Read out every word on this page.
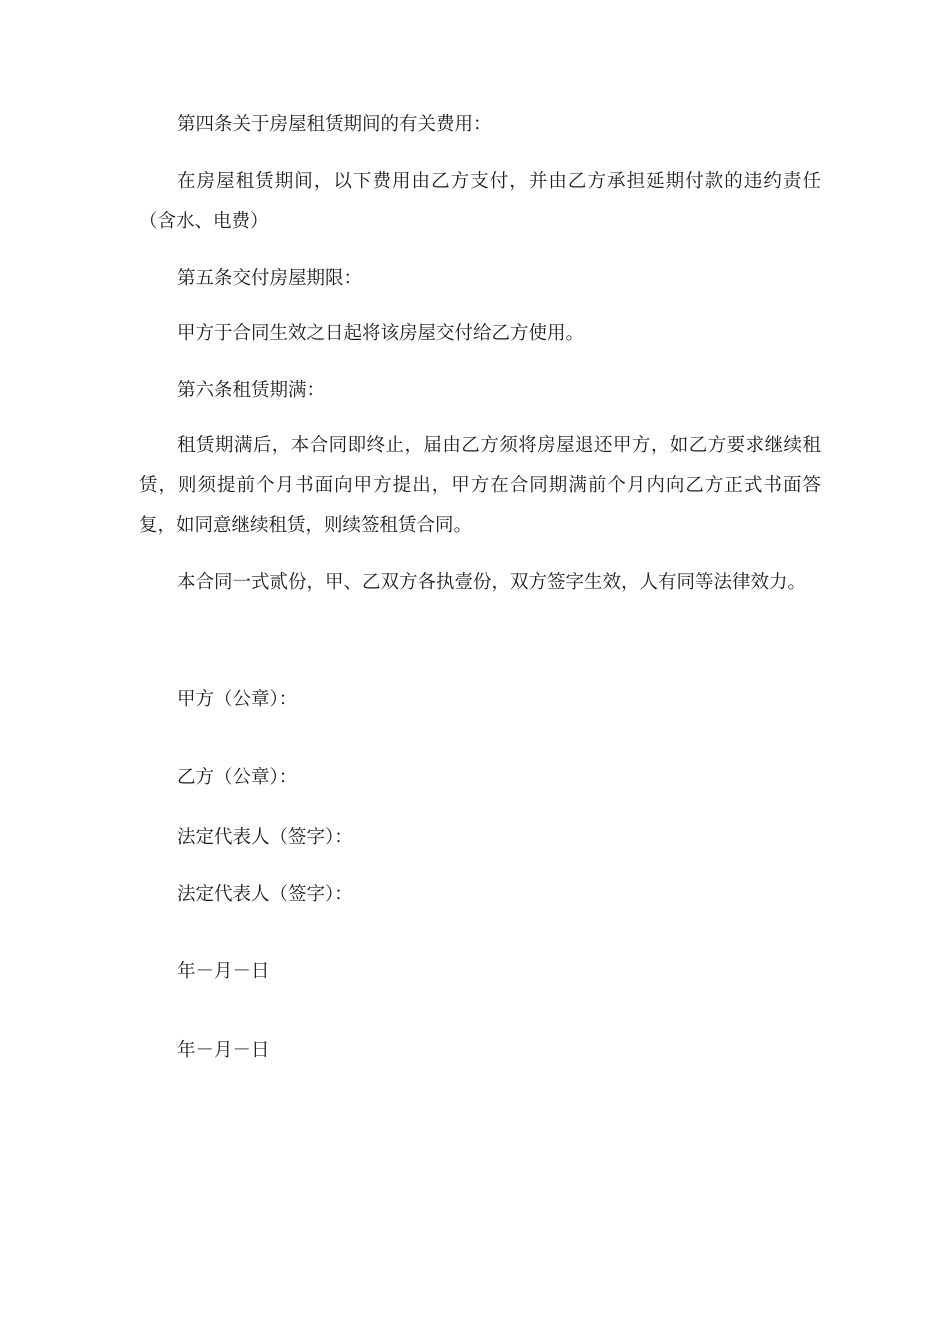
第四条关于房屋租赁期间的有关费用：

在房屋租赁期间，以下费用由乙方支付，并由乙方承担延期付款的违约责任（含水、电费）

第五条交付房屋期限：

甲方于合同生效之日起将该房屋交付给乙方使用。

第六条租赁期满：

租赁期满后，本合同即终止，届由乙方须将房屋退还甲方，如乙方要求继续租赁，则须提前个月书面向甲方提出，甲方在合同期满前个月内向乙方正式书面答复，如同意继续租赁，则续签租赁合同。

本合同一式贰份，甲、乙双方各执壹份，双方签字生效，人有同等法律效力。

甲方（公章）：

乙方（公章）：

法定代表人（签字）：

法定代表人（签字）：

年－月－日

年－月－日
